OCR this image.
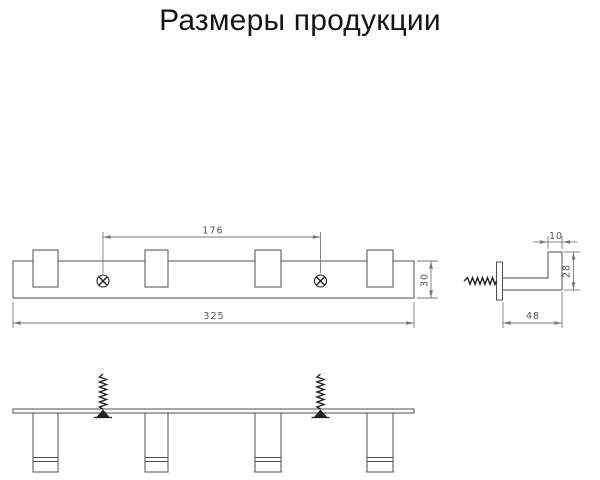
Размеры продукции
176
325
30
10
28
48
